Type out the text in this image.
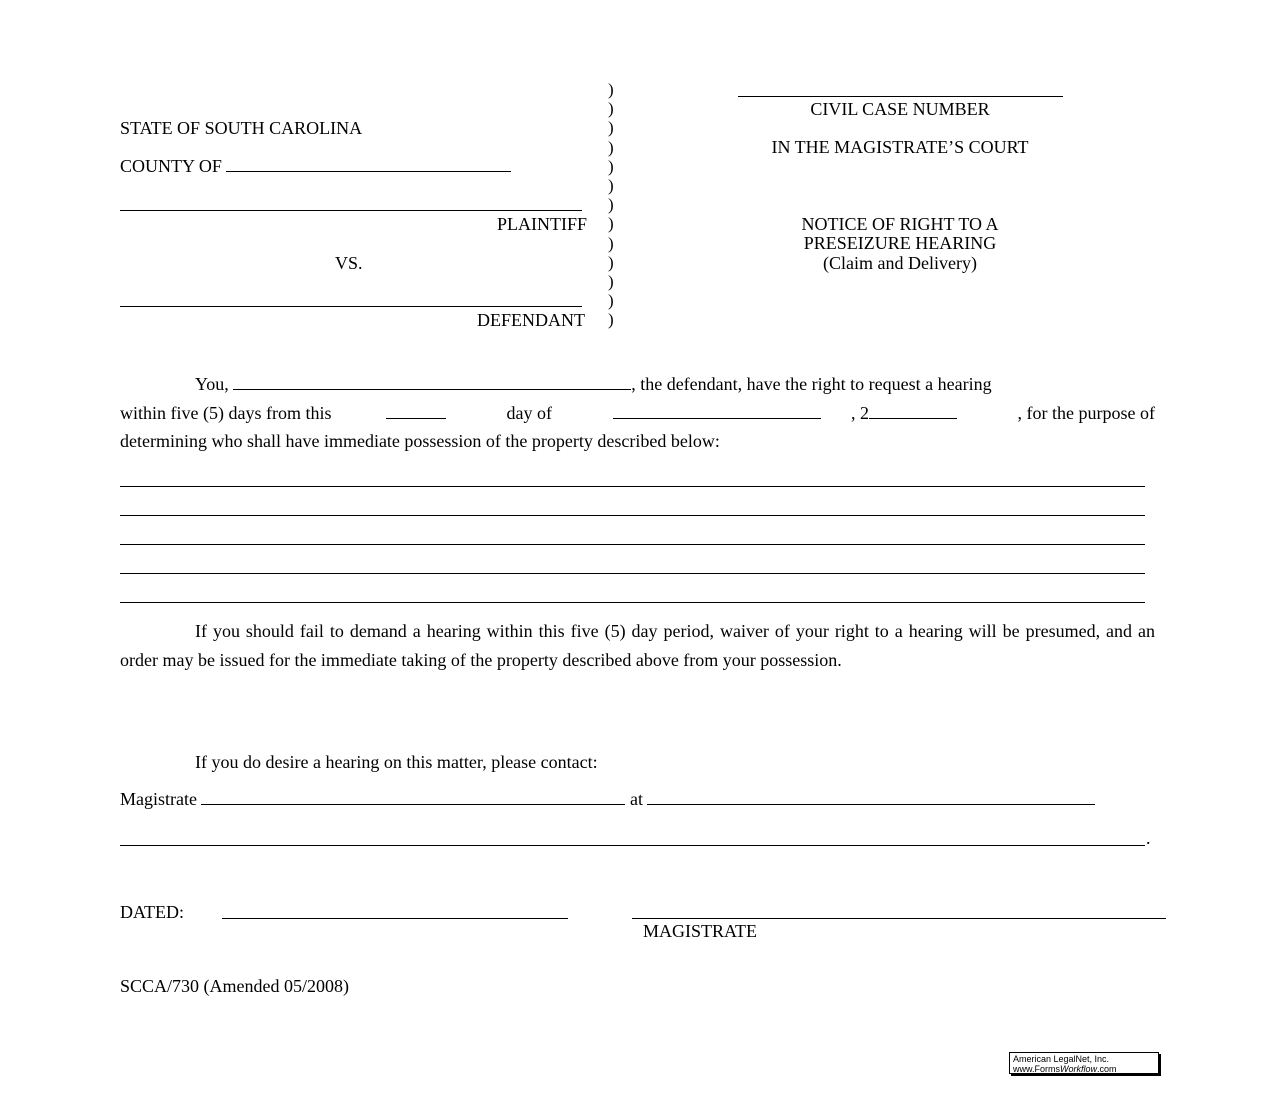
STATE OF SOUTH CAROLINA
COUNTY OF
PLAINTIFF
VS.
DEFENDANT
)
)
)
)
)
)
)
)
)
)
)
)
)
CIVIL CASE NUMBER
IN THE MAGISTRATE’S COURT
NOTICE OF RIGHT TO A
PRESEIZURE HEARING
(Claim and Delivery)
You,	, the defendant, have the right to request a hearing
within five (5) days from this	day of	, 2	, for the purpose of
determining who shall have immediate possession of the property described below:
If you should fail to demand a hearing within this five (5) day period, waiver of your right to a hearing will be presumed, and an order may be issued for the immediate taking of the property described above from your possession.
If you do desire a hearing on this matter, please contact:
Magistrate	at
.
DATED:
MAGISTRATE
SCCA/730 (Amended 05/2008)
American LegalNet, Inc.
www.FormsWorkflow.com
